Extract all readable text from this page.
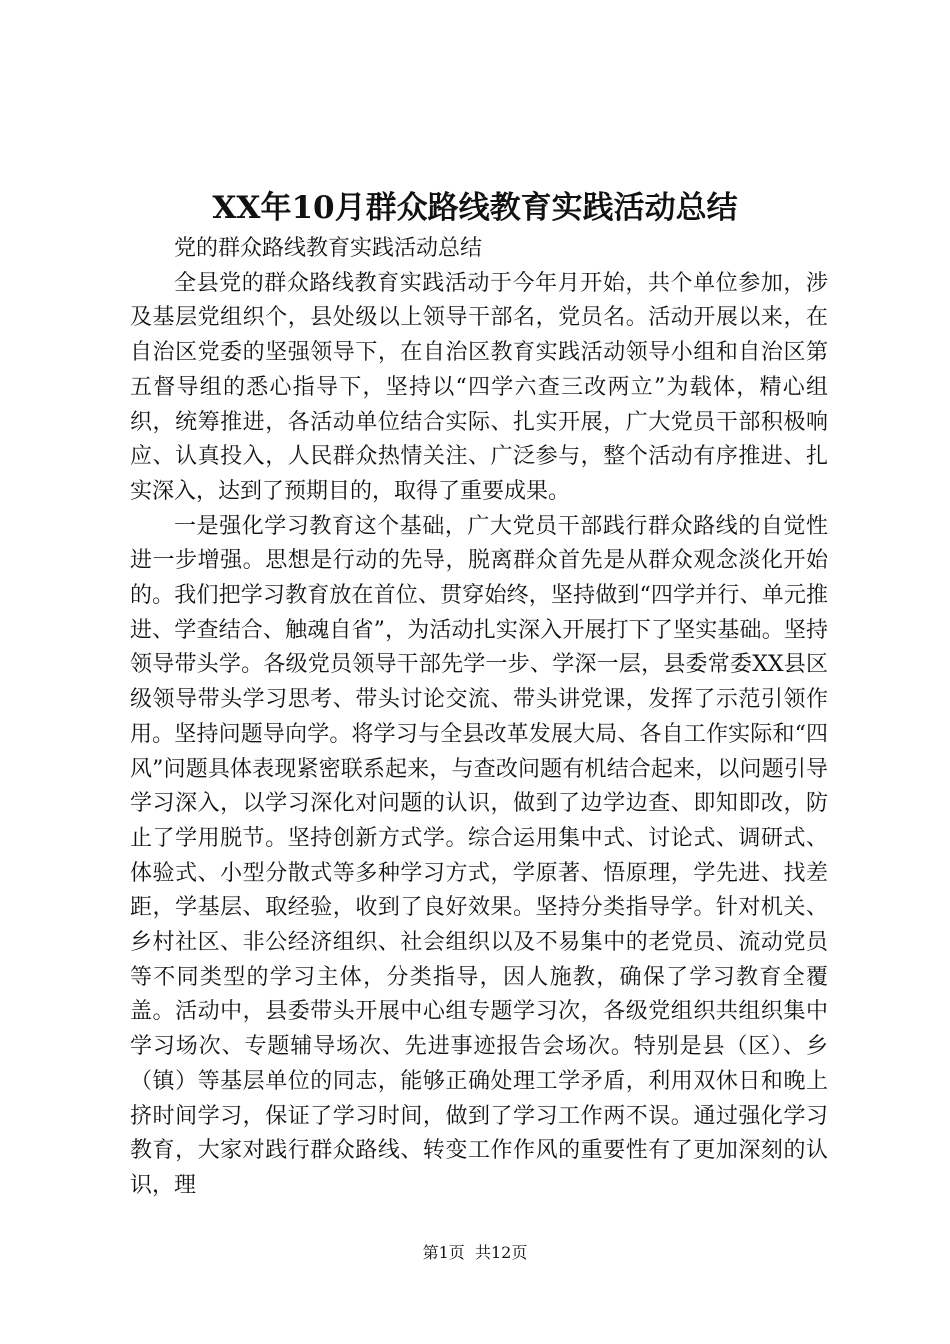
XX年10月群众路线教育实践活动总结

党的群众路线教育实践活动总结

全县党的群众路线教育实践活动于今年月开始，共个单位参加，涉及基层党组织个，县处级以上领导干部名，党员名。活动开展以来，在自治区党委的坚强领导下，在自治区教育实践活动领导小组和自治区第五督导组的悉心指导下，坚持以“四学六查三改两立”为载体，精心组织，统筹推进，各活动单位结合实际、扎实开展，广大党员干部积极响应、认真投入，人民群众热情关注、广泛参与，整个活动有序推进、扎实深入，达到了预期目的，取得了重要成果。

一是强化学习教育这个基础，广大党员干部践行群众路线的自觉性进一步增强。思想是行动的先导，脱离群众首先是从群众观念淡化开始的。我们把学习教育放在首位、贯穿始终，坚持做到“四学并行、单元推进、学查结合、触魂自省”，为活动扎实深入开展打下了坚实基础。坚持领导带头学。各级党员领导干部先学一步、学深一层，县委常委XX县区级领导带头学习思考、带头讨论交流、带头讲党课，发挥了示范引领作用。坚持问题导向学。将学习与全县改革发展大局、各自工作实际和“四风”问题具体表现紧密联系起来，与查改问题有机结合起来，以问题引导学习深入，以学习深化对问题的认识，做到了边学边查、即知即改，防止了学用脱节。坚持创新方式学。综合运用集中式、讨论式、调研式、体验式、小型分散式等多种学习方式，学原著、悟原理，学先进、找差距，学基层、取经验，收到了良好效果。坚持分类指导学。针对机关、乡村社区、非公经济组织、社会组织以及不易集中的老党员、流动党员等不同类型的学习主体，分类指导，因人施教，确保了学习教育全覆盖。活动中，县委带头开展中心组专题学习次，各级党组织共组织集中学习场次、专题辅导场次、先进事迹报告会场次。特别是县（区）、乡（镇）等基层单位的同志，能够正确处理工学矛盾，利用双休日和晚上挤时间学习，保证了学习时间，做到了学习工作两不误。通过强化学习教育，大家对践行群众路线、转变工作作风的重要性有了更加深刻的认识，理

第1页 共12页
